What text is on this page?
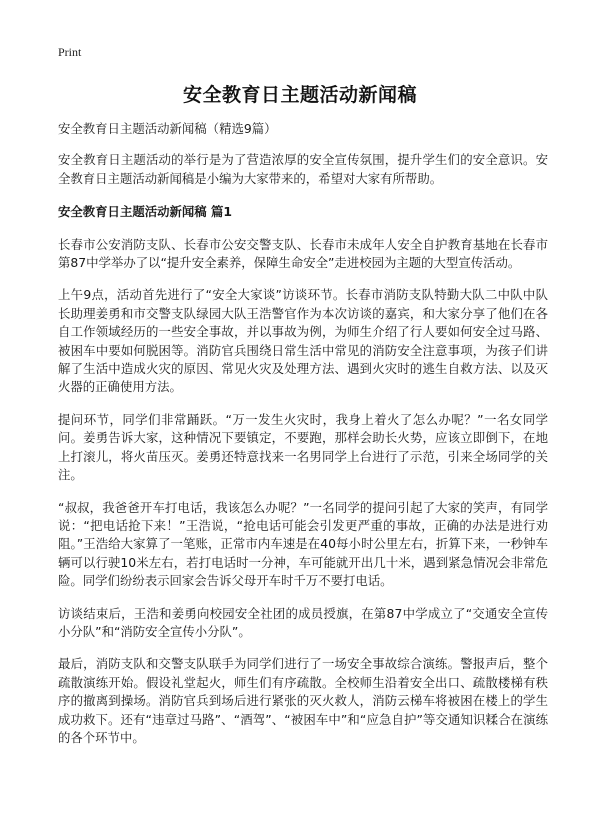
Print
安全教育日主题活动新闻稿

安全教育日主题活动新闻稿（精选9篇）

安全教育日主题活动的举行是为了营造浓厚的安全宣传氛围，提升学生们的安全意识。安全教育日主题活动新闻稿是小编为大家带来的，希望对大家有所帮助。

安全教育日主题活动新闻稿 篇1

长春市公安消防支队、长春市公安交警支队、长春市未成年人安全自护教育基地在长春市第87中学举办了以“提升安全素养，保障生命安全”走进校园为主题的大型宣传活动。

上午9点，活动首先进行了“安全大家谈”访谈环节。长春市消防支队特勤大队二中队中队长助理姜勇和市交警支队绿园大队王浩警官作为本次访谈的嘉宾，和大家分享了他们在各自工作领域经历的一些安全事故，并以事故为例，为师生介绍了行人要如何安全过马路、被困车中要如何脱困等。消防官兵围绕日常生活中常见的消防安全注意事项，为孩子们讲解了生活中造成火灾的原因、常见火灾及处理方法、遇到火灾时的逃生自救方法、以及灭火器的正确使用方法。

提问环节，同学们非常踊跃。“万一发生火灾时，我身上着火了怎么办呢？”一名女同学问。姜勇告诉大家，这种情况下要镇定，不要跑，那样会助长火势，应该立即倒下，在地上打滚儿，将火苗压灭。姜勇还特意找来一名男同学上台进行了示范，引来全场同学的关注。

“叔叔，我爸爸开车打电话，我该怎么办呢？”一名同学的提问引起了大家的笑声，有同学说：“把电话抢下来！”王浩说，“抢电话可能会引发更严重的事故，正确的办法是进行劝阻。”王浩给大家算了一笔账，正常市内车速是在40每小时公里左右，折算下来，一秒钟车辆可以行驶10米左右，若打电话时一分神，车可能就开出几十米，遇到紧急情况会非常危险。同学们纷纷表示回家会告诉父母开车时千万不要打电话。

访谈结束后，王浩和姜勇向校园安全社团的成员授旗，在第87中学成立了“交通安全宣传小分队”和“消防安全宣传小分队”。

最后，消防支队和交警支队联手为同学们进行了一场安全事故综合演练。警报声后，整个疏散演练开始。假设礼堂起火，师生们有序疏散。全校师生沿着安全出口、疏散楼梯有秩序的撤离到操场。消防官兵到场后进行紧张的灭火救人，消防云梯车将被困在楼上的学生成功救下。还有“违章过马路”、“酒驾”、“被困车中”和“应急自护”等交通知识糅合在演练的各个环节中。
